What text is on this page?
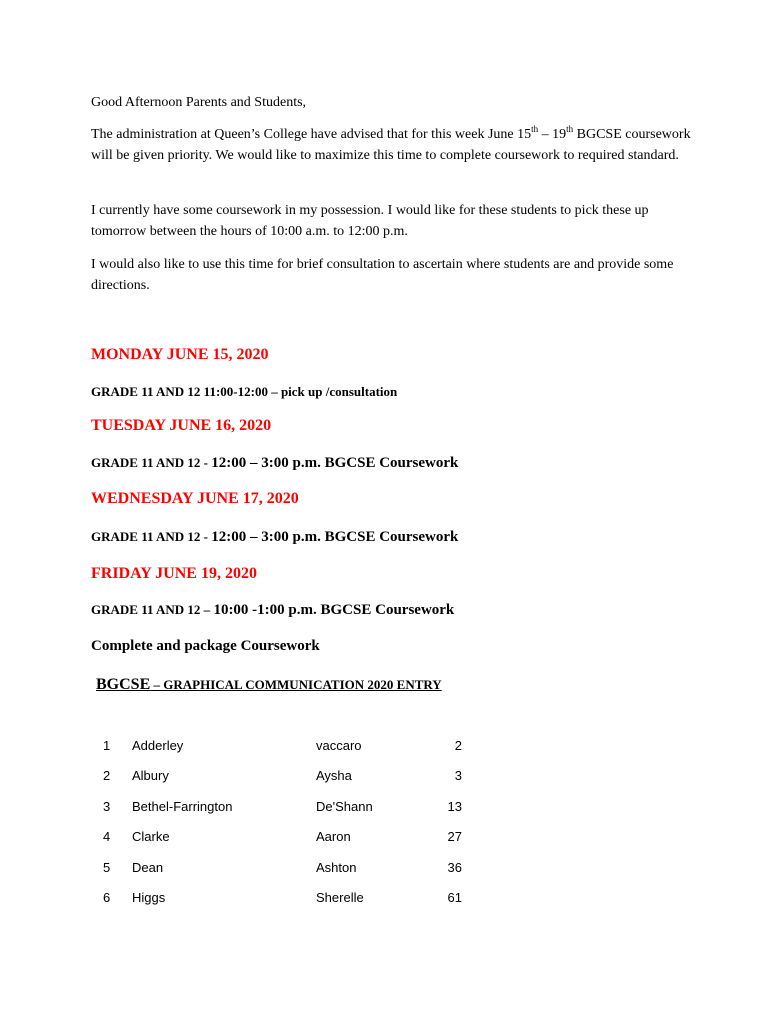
Good Afternoon Parents and Students,

The administration at Queen’s College have advised that for this week June 15th – 19th BGCSE coursework will be given priority. We would like to maximize this time to complete coursework to required standard.

I currently have some coursework in my possession. I would like for these students to pick these up tomorrow between the hours of 10:00 a.m. to 12:00 p.m.

I would also like to use this time for brief consultation to ascertain where students are and provide some directions.

MONDAY JUNE 15, 2020

GRADE 11 AND 12 11:00-12:00 – pick up /consultation

TUESDAY JUNE 16, 2020

GRADE 11 AND 12 - 12:00 – 3:00 p.m. BGCSE Coursework

WEDNESDAY JUNE 17, 2020

GRADE 11 AND 12 - 12:00 – 3:00 p.m. BGCSE Coursework

FRIDAY JUNE 19, 2020

GRADE 11 AND 12 – 10:00 -1:00 p.m. BGCSE Coursework

Complete and package Coursework

BGCSE – GRAPHICAL COMMUNICATION 2020 ENTRY

1 Adderley	vaccaro	2
2 Albury	Aysha	3
3 Bethel-Farrington	De'Shann	13
4 Clarke	Aaron	27
5 Dean	Ashton	36
6 Higgs	Sherelle	61
